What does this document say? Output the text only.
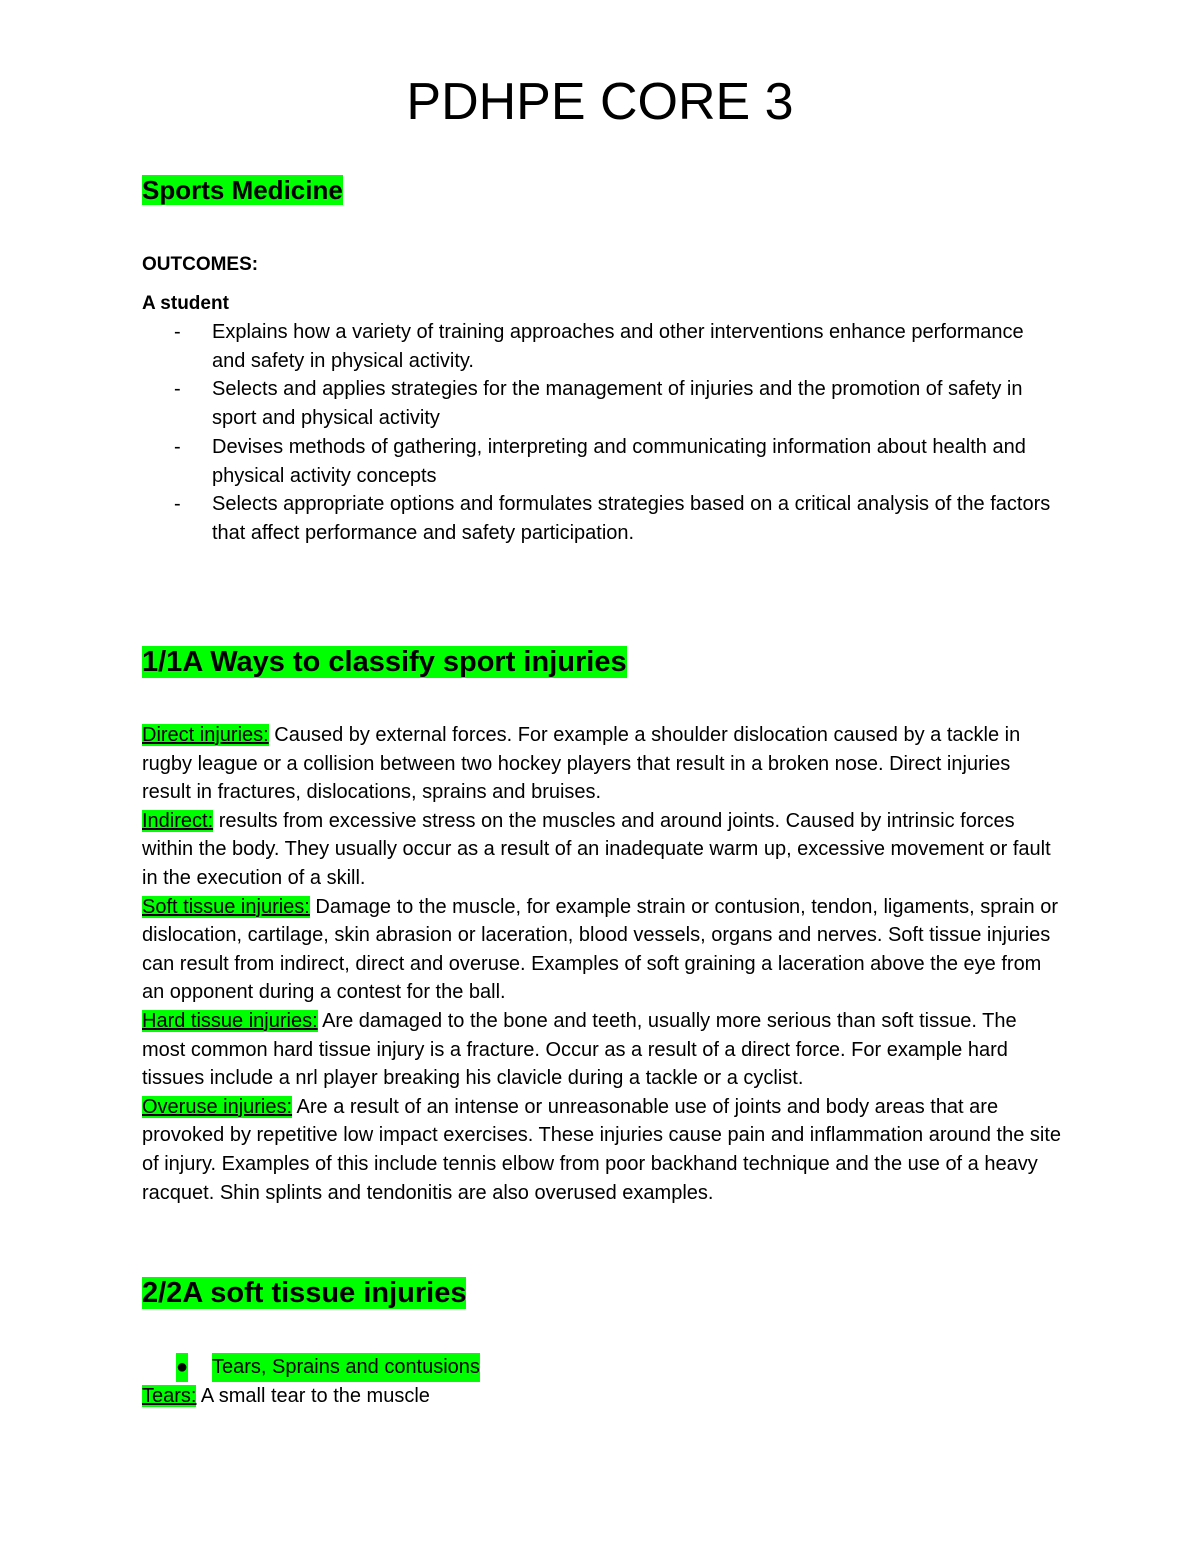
PDHPE CORE 3
Sports Medicine
OUTCOMES:
A student
- Explains how a variety of training approaches and other interventions enhance performance and safety in physical activity.
- Selects and applies strategies for the management of injuries and the promotion of safety in sport and physical activity
- Devises methods of gathering, interpreting and communicating information about health and physical activity concepts
- Selects appropriate options and formulates strategies based on a critical analysis of the factors that affect performance and safety participation.
1/1A Ways to classify sport injuries

Direct injuries: Caused by external forces. For example a shoulder dislocation caused by a tackle in rugby league or a collision between two hockey players that result in a broken nose. Direct injuries result in fractures, dislocations, sprains and bruises.

Indirect: results from excessive stress on the muscles and around joints. Caused by intrinsic forces within the body. They usually occur as a result of an inadequate warm up, excessive movement or fault in the execution of a skill.

Soft tissue injuries: Damage to the muscle, for example strain or contusion, tendon, ligaments, sprain or dislocation, cartilage, skin abrasion or laceration, blood vessels, organs and nerves. Soft tissue injuries can result from indirect, direct and overuse. Examples of soft graining a laceration above the eye from an opponent during a contest for the ball.

Hard tissue injuries: Are damaged to the bone and teeth, usually more serious than soft tissue. The most common hard tissue injury is a fracture. Occur as a result of a direct force. For example hard tissues include a nrl player breaking his clavicle during a tackle or a cyclist.

Overuse injuries: Are a result of an intense or unreasonable use of joints and body areas that are provoked by repetitive low impact exercises. These injuries cause pain and inflammation around the site of injury. Examples of this include tennis elbow from poor backhand technique and the use of a heavy racquet. Shin splints and tendonitis are also overused examples.

2/2A soft tissue injuries
● Tears, Sprains and contusions
Tears: A small tear to the muscle
